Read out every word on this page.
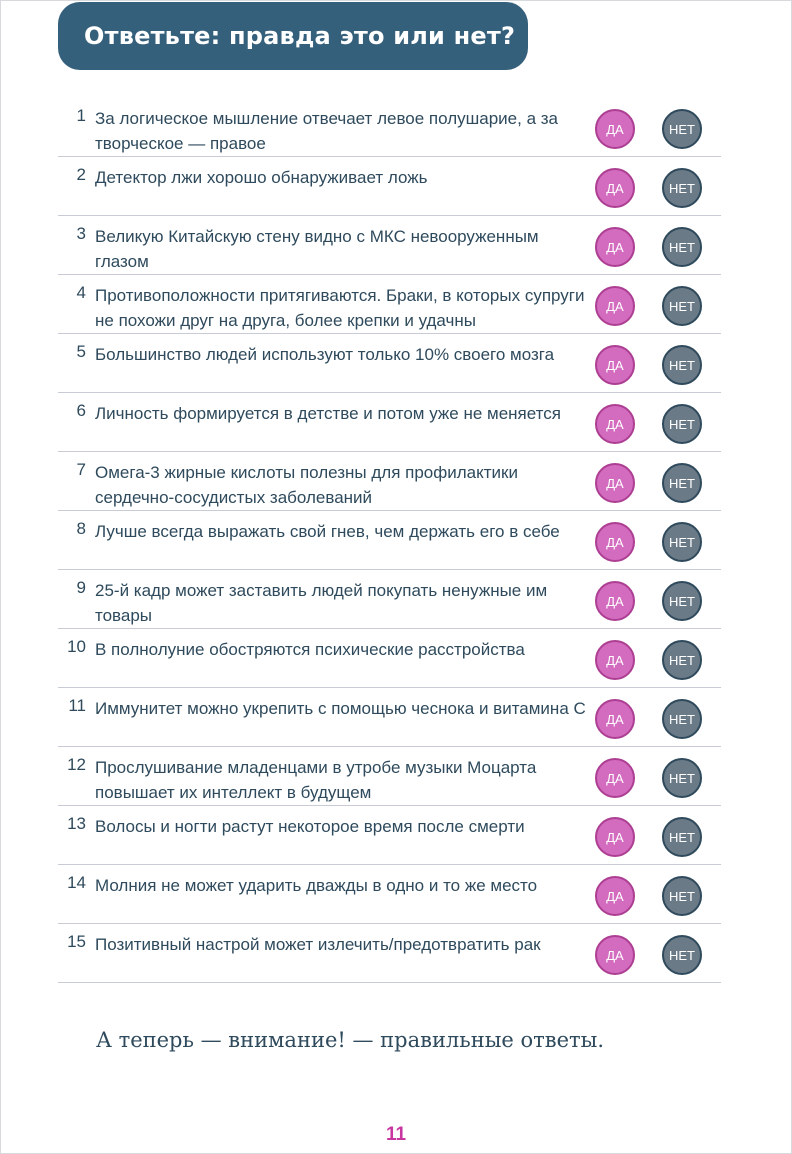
Ответьте: правда это или нет?
1 За логическое мышление отвечает левое полушарие, а за творческое — правое
ДА	НЕТ
2 Детектор лжи хорошо обнаруживает ложь
ДА	НЕТ
3 Великую Китайскую стену видно с МКС невооруженным глазом
ДА	НЕТ
4 Противоположности притягиваются. Браки, в которых супруги не похожи друг на друга, более крепки и удачны
ДА	НЕТ
5 Большинство людей используют только 10% своего мозга
ДА	НЕТ
6 Личность формируется в детстве и потом уже не меняется
ДА	НЕТ
7 Омега-3 жирные кислоты полезны для профилактики сердечно-сосудистых заболеваний
ДА	НЕТ
8 Лучше всегда выражать свой гнев, чем держать его в себе
ДА	НЕТ
9 25-й кадр может заставить людей покупать ненужные им товары
ДА	НЕТ
10 В полнолуние обостряются психические расстройства
ДА	НЕТ
11 Иммунитет можно укрепить с помощью чеснока и витамина С
ДА	НЕТ
12 Прослушивание младенцами в утробе музыки Моцарта повышает их интеллект в будущем
ДА	НЕТ
13 Волосы и ногти растут некоторое время после смерти
ДА	НЕТ
14 Молния не может ударить дважды в одно и то же место
ДА	НЕТ
15 Позитивный настрой может излечить/предотвратить рак
ДА	НЕТ
А теперь — внимание! — правильные ответы.
11
